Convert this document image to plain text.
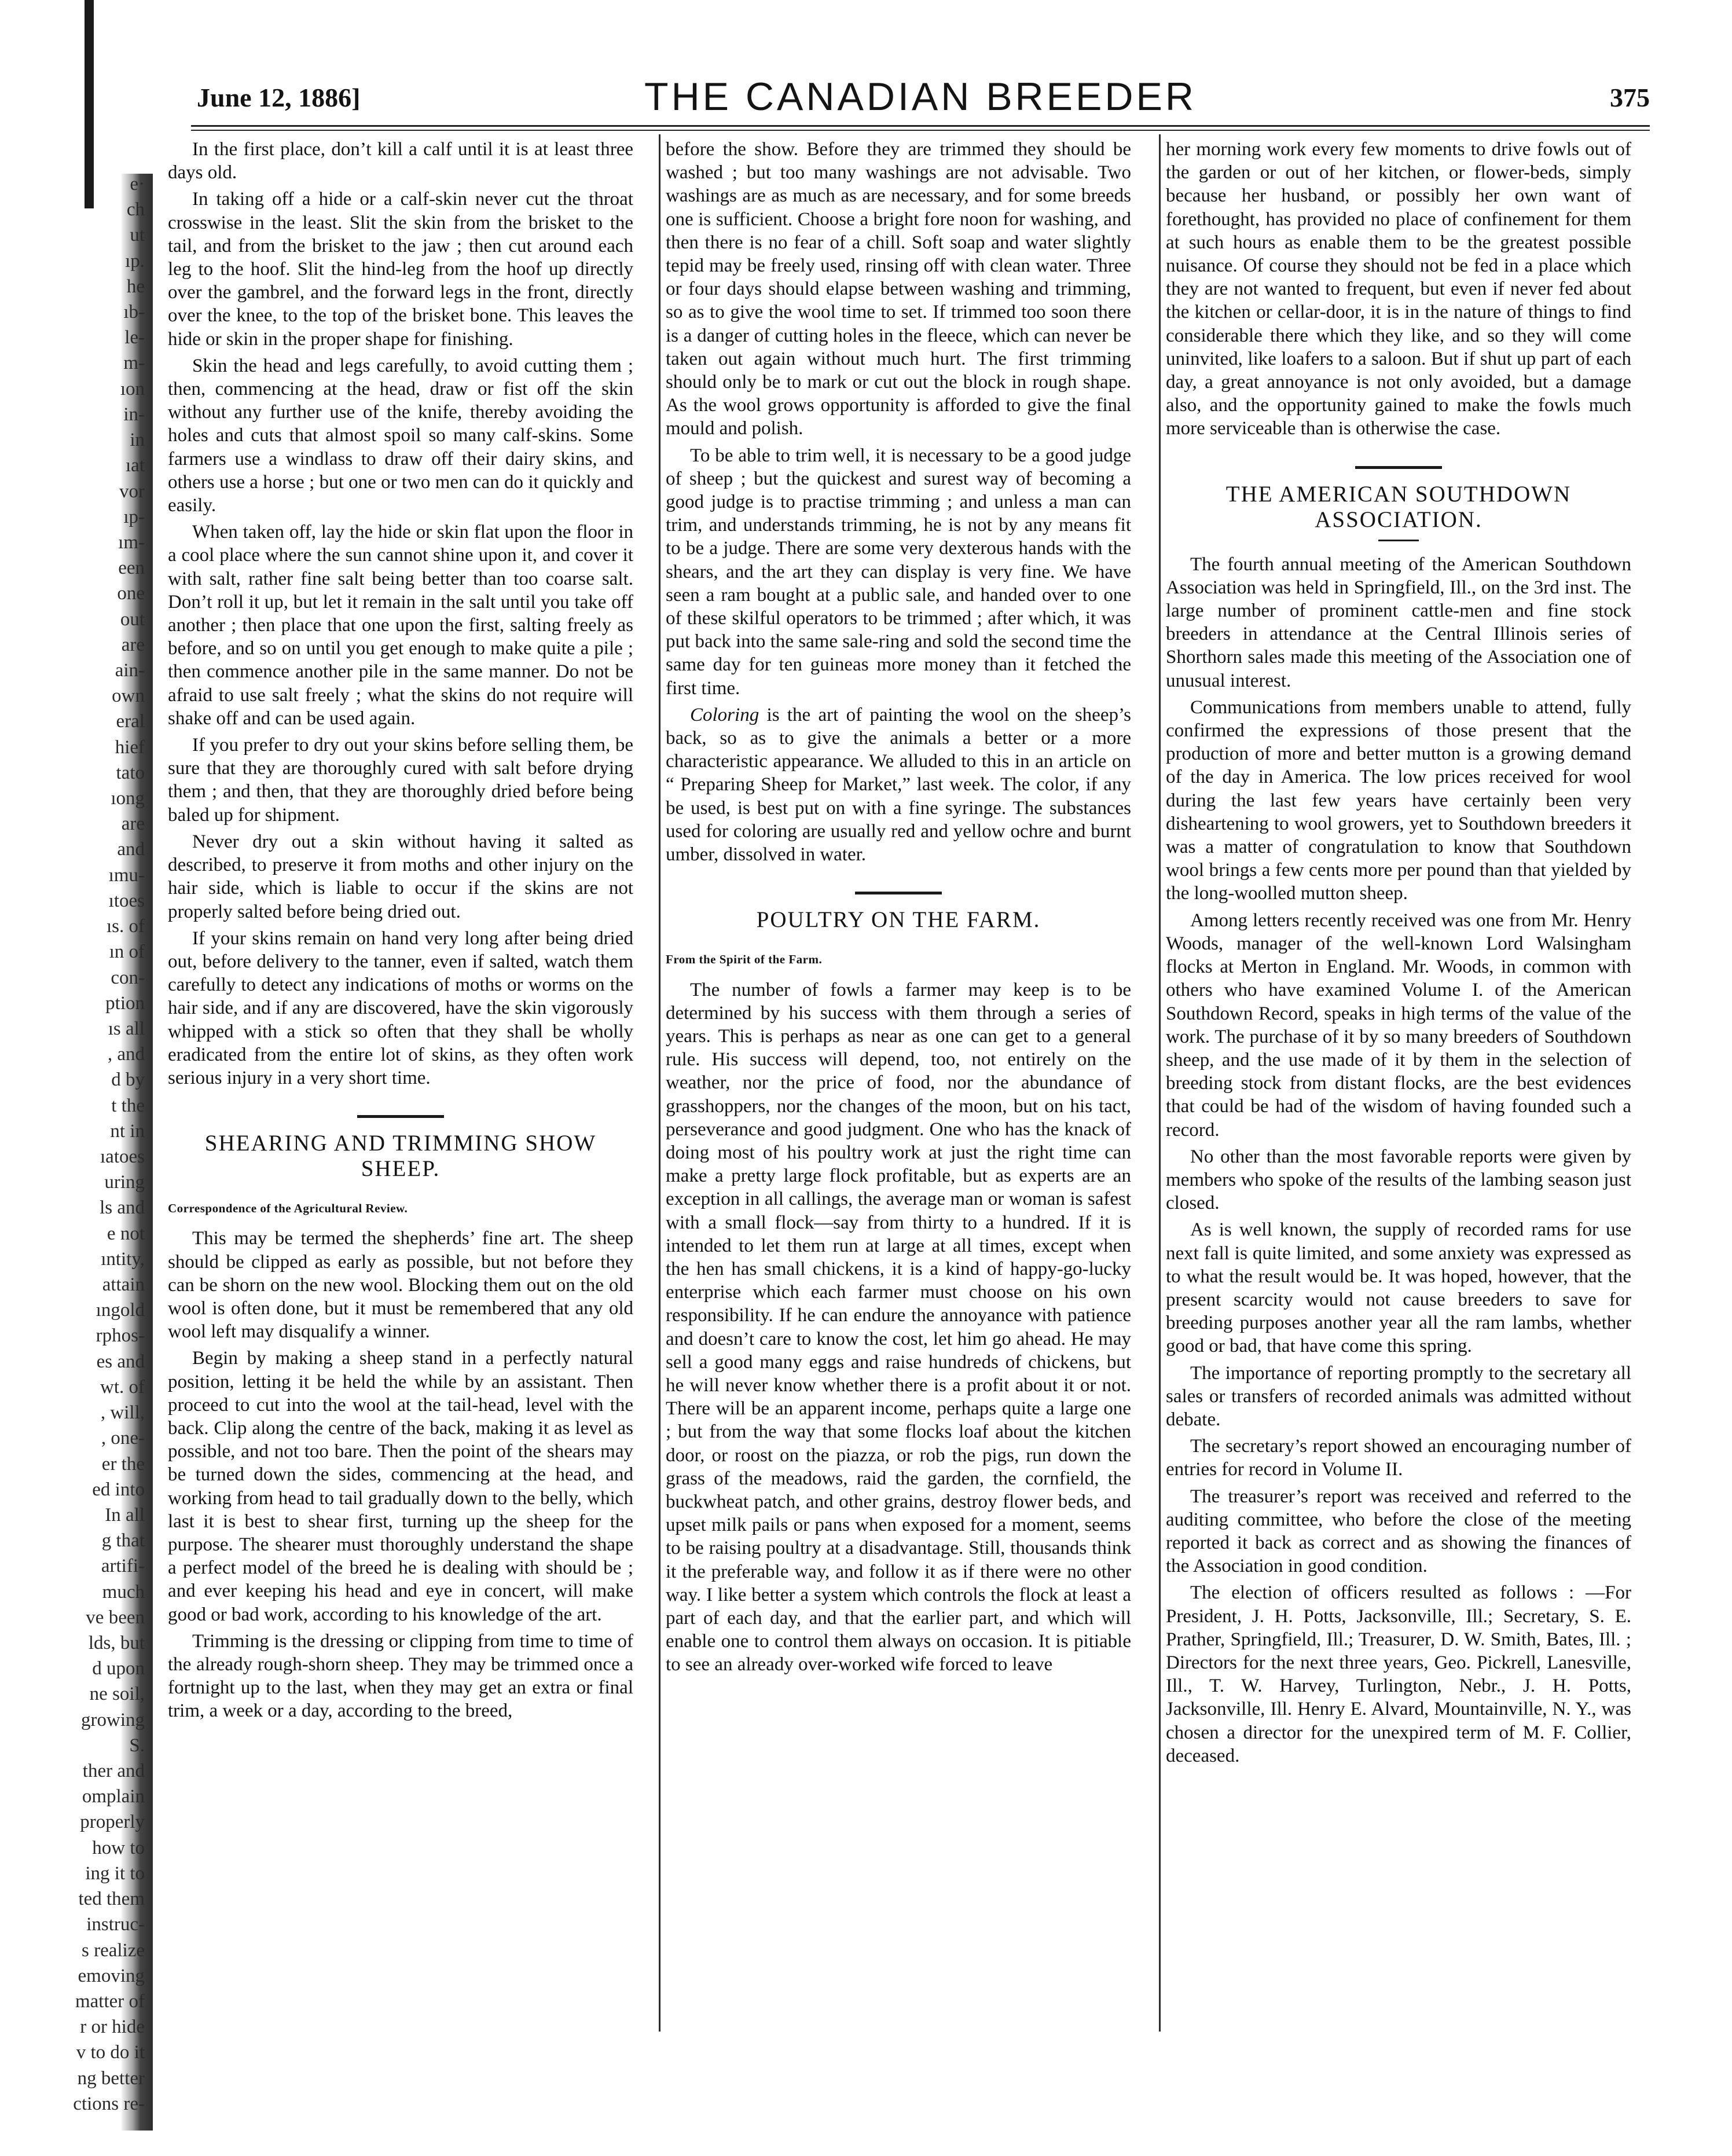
e·
ch
ut
ıp.
he
ıb-
le-
m-
ıon
in-
in
ıat
vor
ıp-
ım-
een
one
out
are
ain-
own
eral
hief
tato
ıong
are
and
ımu-
ıtoes
ıs. of
ın of
con-
ption
ıs all
, and
d by
t the
nt in
ıatoes
uring
ls and
e not
ıntity,
attain
ıngold
rphos-
es and
wt. of
, will,
, one-
er the
ed into
In all
g that
artifi-
much
ve been
lds, but
d upon
ne soil,
growing
S.
ther and
omplain
properly
how to
ing it to
ted them
instruc-
s realize
emoving
matter of
r or hide
v to do it
ng better
ctions re-
June 12, 1886]	THE CANADIAN BREEDER	375

In the first place, don’t kill a calf until it is at least three days old.

In taking off a hide or a calf-skin never cut the throat crosswise in the least. Slit the skin from the brisket to the tail, and from the brisket to the jaw ; then cut around each leg to the hoof. Slit the hind-leg from the hoof up directly over the gambrel, and the forward legs in the front, directly over the knee, to the top of the brisket bone. This leaves the hide or skin in the proper shape for finishing.

Skin the head and legs carefully, to avoid cutting them ; then, commencing at the head, draw or fist off the skin without any further use of the knife, thereby avoiding the holes and cuts that almost spoil so many calf-skins. Some farmers use a windlass to draw off their dairy skins, and others use a horse ; but one or two men can do it quickly and easily.

When taken off, lay the hide or skin flat upon the floor in a cool place where the sun cannot shine upon it, and cover it with salt, rather fine salt being better than too coarse salt. Don’t roll it up, but let it remain in the salt until you take off another ; then place that one upon the first, salting freely as before, and so on until you get enough to make quite a pile ; then commence another pile in the same manner. Do not be afraid to use salt freely ; what the skins do not require will shake off and can be used again.

If you prefer to dry out your skins before selling them, be sure that they are thoroughly cured with salt before drying them ; and then, that they are thoroughly dried before being baled up for shipment.

Never dry out a skin without having it salted as described, to preserve it from moths and other injury on the hair side, which is liable to occur if the skins are not properly salted before being dried out.

If your skins remain on hand very long after being dried out, before delivery to the tanner, even if salted, watch them carefully to detect any indications of moths or worms on the hair side, and if any are discovered, have the skin vigorously whipped with a stick so often that they shall be wholly eradicated from the entire lot of skins, as they often work serious injury in a very short time.

SHEARING AND TRIMMING SHOW SHEEP.

Correspondence of the Agricultural Review.

This may be termed the shepherds’ fine art. The sheep should be clipped as early as possible, but not before they can be shorn on the new wool. Blocking them out on the old wool is often done, but it must be remembered that any old wool left may disqualify a winner.

Begin by making a sheep stand in a perfectly natural position, letting it be held the while by an assistant. Then proceed to cut into the wool at the tail-head, level with the back. Clip along the centre of the back, making it as level as possible, and not too bare. Then the point of the shears may be turned down the sides, commencing at the head, and working from head to tail gradually down to the belly, which last it is best to shear first, turning up the sheep for the purpose. The shearer must thoroughly understand the shape a perfect model of the breed he is dealing with should be ; and ever keeping his head and eye in concert, will make good or bad work, according to his knowledge of the art.

Trimming is the dressing or clipping from time to time of the already rough-shorn sheep. They may be trimmed once a fortnight up to the last, when they may get an extra or final trim, a week or a day, according to the breed,

before the show. Before they are trimmed they should be washed ; but too many washings are not advisable. Two washings are as much as are necessary, and for some breeds one is sufficient. Choose a bright fore noon for washing, and then there is no fear of a chill. Soft soap and water slightly tepid may be freely used, rinsing off with clean water. Three or four days should elapse between washing and trimming, so as to give the wool time to set. If trimmed too soon there is a danger of cutting holes in the fleece, which can never be taken out again without much hurt. The first trimming should only be to mark or cut out the block in rough shape. As the wool grows opportunity is afforded to give the final mould and polish.

To be able to trim well, it is necessary to be a good judge of sheep ; but the quickest and surest way of becoming a good judge is to practise trimming ; and unless a man can trim, and understands trimming, he is not by any means fit to be a judge. There are some very dexterous hands with the shears, and the art they can display is very fine. We have seen a ram bought at a public sale, and handed over to one of these skilful operators to be trimmed ; after which, it was put back into the same sale-ring and sold the second time the same day for ten guineas more money than it fetched the first time.

Coloring is the art of painting the wool on the sheep’s back, so as to give the animals a better or a more characteristic appearance. We alluded to this in an article on “ Preparing Sheep for Market,” last week. The color, if any be used, is best put on with a fine syringe. The substances used for coloring are usually red and yellow ochre and burnt umber, dissolved in water.

POULTRY ON THE FARM.

From the Spirit of the Farm.

The number of fowls a farmer may keep is to be determined by his success with them through a series of years. This is perhaps as near as one can get to a general rule. His success will depend, too, not entirely on the weather, nor the price of food, nor the abundance of grasshoppers, nor the changes of the moon, but on his tact, perseverance and good judgment. One who has the knack of doing most of his poultry work at just the right time can make a pretty large flock profitable, but as experts are an exception in all callings, the average man or woman is safest with a small flock—say from thirty to a hundred. If it is intended to let them run at large at all times, except when the hen has small chickens, it is a kind of happy-go-lucky enterprise which each farmer must choose on his own responsibility. If he can endure the annoyance with patience and doesn’t care to know the cost, let him go ahead. He may sell a good many eggs and raise hundreds of chickens, but he will never know whether there is a profit about it or not. There will be an apparent income, perhaps quite a large one ; but from the way that some flocks loaf about the kitchen door, or roost on the piazza, or rob the pigs, run down the grass of the meadows, raid the garden, the cornfield, the buckwheat patch, and other grains, destroy flower beds, and upset milk pails or pans when exposed for a moment, seems to be raising poultry at a disadvantage. Still, thousands think it the preferable way, and follow it as if there were no other way. I like better a system which controls the flock at least a part of each day, and that the earlier part, and which will enable one to control them always on occasion. It is pitiable to see an already over-worked wife forced to leave

her morning work every few moments to drive fowls out of the garden or out of her kitchen, or flower-beds, simply because her husband, or possibly her own want of forethought, has provided no place of confinement for them at such hours as enable them to be the greatest possible nuisance. Of course they should not be fed in a place which they are not wanted to frequent, but even if never fed about the kitchen or cellar-door, it is in the nature of things to find considerable there which they like, and so they will come uninvited, like loafers to a saloon. But if shut up part of each day, a great annoyance is not only avoided, but a damage also, and the opportunity gained to make the fowls much more serviceable than is otherwise the case.

THE AMERICAN SOUTHDOWN ASSOCIATION.

The fourth annual meeting of the American Southdown Association was held in Springfield, Ill., on the 3rd inst. The large number of prominent cattle-men and fine stock breeders in attendance at the Central Illinois series of Shorthorn sales made this meeting of the Association one of unusual interest.

Communications from members unable to attend, fully confirmed the expressions of those present that the production of more and better mutton is a growing demand of the day in America. The low prices received for wool during the last few years have certainly been very disheartening to wool growers, yet to Southdown breeders it was a matter of congratulation to know that Southdown wool brings a few cents more per pound than that yielded by the long-woolled mutton sheep.

Among letters recently received was one from Mr. Henry Woods, manager of the well-known Lord Walsingham flocks at Merton in England. Mr. Woods, in common with others who have examined Volume I. of the American Southdown Record, speaks in high terms of the value of the work. The purchase of it by so many breeders of Southdown sheep, and the use made of it by them in the selection of breeding stock from distant flocks, are the best evidences that could be had of the wisdom of having founded such a record.

No other than the most favorable reports were given by members who spoke of the results of the lambing season just closed.

As is well known, the supply of recorded rams for use next fall is quite limited, and some anxiety was expressed as to what the result would be. It was hoped, however, that the present scarcity would not cause breeders to save for breeding purposes another year all the ram lambs, whether good or bad, that have come this spring.

The importance of reporting promptly to the secretary all sales or transfers of recorded animals was admitted without debate.

The secretary’s report showed an encouraging number of entries for record in Volume II.

The treasurer’s report was received and referred to the auditing committee, who before the close of the meeting reported it back as correct and as showing the finances of the Association in good condition.

The election of officers resulted as follows : —For President, J. H. Potts, Jacksonville, Ill.; Secretary, S. E. Prather, Springfield, Ill.; Treasurer, D. W. Smith, Bates, Ill. ; Directors for the next three years, Geo. Pickrell, Lanesville, Ill., T. W. Harvey, Turlington, Nebr., J. H. Potts, Jacksonville, Ill. Henry E. Alvard, Mountainville, N. Y., was chosen a director for the unexpired term of M. F. Collier, deceased.
